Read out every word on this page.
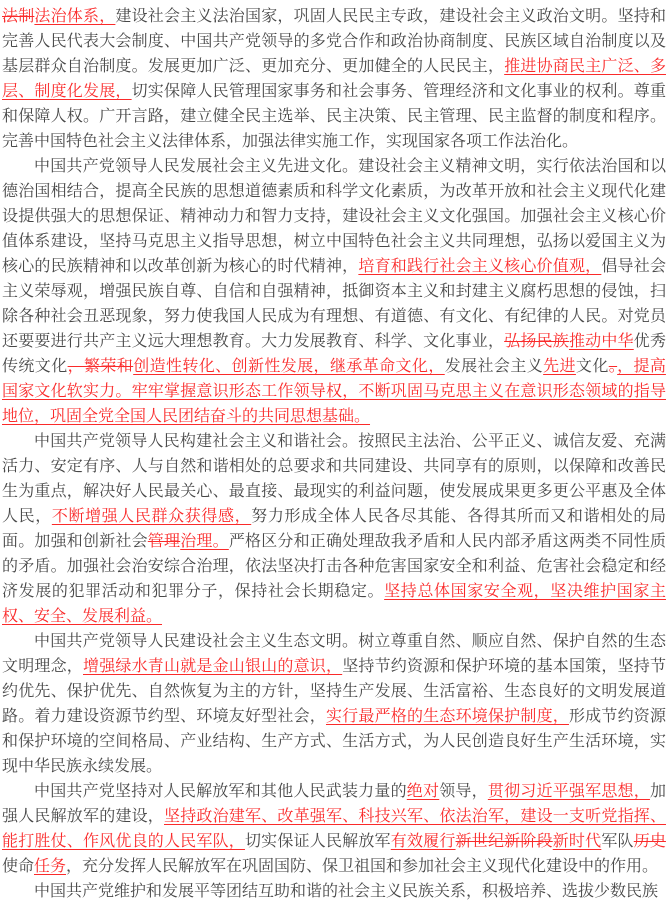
法制法治体系，建设社会主义法治国家，巩固人民民主专政，建设社会主义政治文明。坚持和完善人民代表大会制度、中国共产党领导的多党合作和政治协商制度、民族区域自治制度以及基层群众自治制度。发展更加广泛、更加充分、更加健全的人民民主，推进协商民主广泛、多层、制度化发展，切实保障人民管理国家事务和社会事务、管理经济和文化事业的权利。尊重和保障人权。广开言路，建立健全民主选举、民主决策、民主管理、民主监督的制度和程序。完善中国特色社会主义法律体系，加强法律实施工作，实现国家各项工作法治化。

中国共产党领导人民发展社会主义先进文化。建设社会主义精神文明，实行依法治国和以德治国相结合，提高全民族的思想道德素质和科学文化素质，为改革开放和社会主义现代化建设提供强大的思想保证、精神动力和智力支持，建设社会主义文化强国。加强社会主义核心价值体系建设，坚持马克思主义指导思想，树立中国特色社会主义共同理想，弘扬以爱国主义为核心的民族精神和以改革创新为核心的时代精神，培育和践行社会主义核心价值观，倡导社会主义荣辱观，增强民族自尊、自信和自强精神，抵御资本主义和封建主义腐朽思想的侵蚀，扫除各种社会丑恶现象，努力使我国人民成为有理想、有道德、有文化、有纪律的人民。对党员还要要进行共产主义远大理想教育。大力发展教育、科学、文化事业，弘扬民族推动中华优秀传统文化，繁荣和创造性转化、创新性发展，继承革命文化，发展社会主义先进文化。，提高国家文化软实力。牢牢掌握意识形态工作领导权，不断巩固马克思主义在意识形态领域的指导地位，巩固全党全国人民团结奋斗的共同思想基础。

中国共产党领导人民构建社会主义和谐社会。按照民主法治、公平正义、诚信友爱、充满活力、安定有序、人与自然和谐相处的总要求和共同建设、共同享有的原则，以保障和改善民生为重点，解决好人民最关心、最直接、最现实的利益问题，使发展成果更多更公平惠及全体人民，不断增强人民群众获得感，努力形成全体人民各尽其能、各得其所而又和谐相处的局面。加强和创新社会管理治理。严格区分和正确处理敌我矛盾和人民内部矛盾这两类不同性质的矛盾。加强社会治安综合治理，依法坚决打击各种危害国家安全和利益、危害社会稳定和经济发展的犯罪活动和犯罪分子，保持社会长期稳定。坚持总体国家安全观，坚决维护国家主权、安全、发展利益。

中国共产党领导人民建设社会主义生态文明。树立尊重自然、顺应自然、保护自然的生态文明理念，增强绿水青山就是金山银山的意识，坚持节约资源和保护环境的基本国策，坚持节约优先、保护优先、自然恢复为主的方针，坚持生产发展、生活富裕、生态良好的文明发展道路。着力建设资源节约型、环境友好型社会，实行最严格的生态环境保护制度，形成节约资源和保护环境的空间格局、产业结构、生产方式、生活方式，为人民创造良好生产生活环境，实现中华民族永续发展。

中国共产党坚持对人民解放军和其他人民武装力量的绝对领导，贯彻习近平强军思想，加强人民解放军的建设，坚持政治建军、改革强军、科技兴军、依法治军，建设一支听党指挥、能打胜仗、作风优良的人民军队，切实保证人民解放军有效履行新世纪新阶段新时代军队历史使命任务，充分发挥人民解放军在巩固国防、保卫祖国和参加社会主义现代化建设中的作用。

中国共产党维护和发展平等团结互助和谐的社会主义民族关系，积极培养、选拔少数民族
